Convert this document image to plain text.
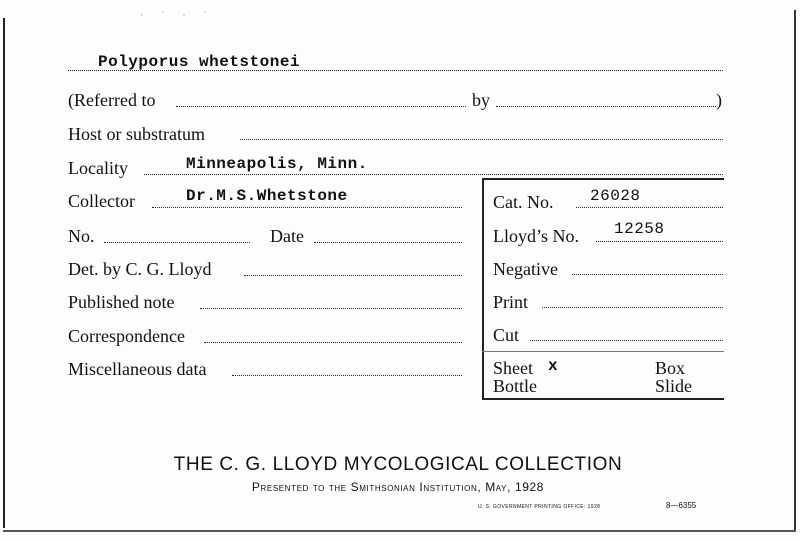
· ˙ · ˙
Polyporus whetstonei
(Referred to	by	)
Host or substratum
Locality	Minneapolis, Minn.
Collector	Dr.M.S.Whetstone
No.	Date
Det. by C. G. Lloyd
Published note
Correspondence
Miscellaneous data
Cat. No. 26028
Lloyd’s No. 12258
Negative
Print
Cut
Sheet x	Box
Bottle	Slide
THE C. G. LLOYD MYCOLOGICAL COLLECTION
Presented to the Smithsonian Institution, May, 1928
U. S. GOVERNMENT PRINTING OFFICE: 1928	8—6355
